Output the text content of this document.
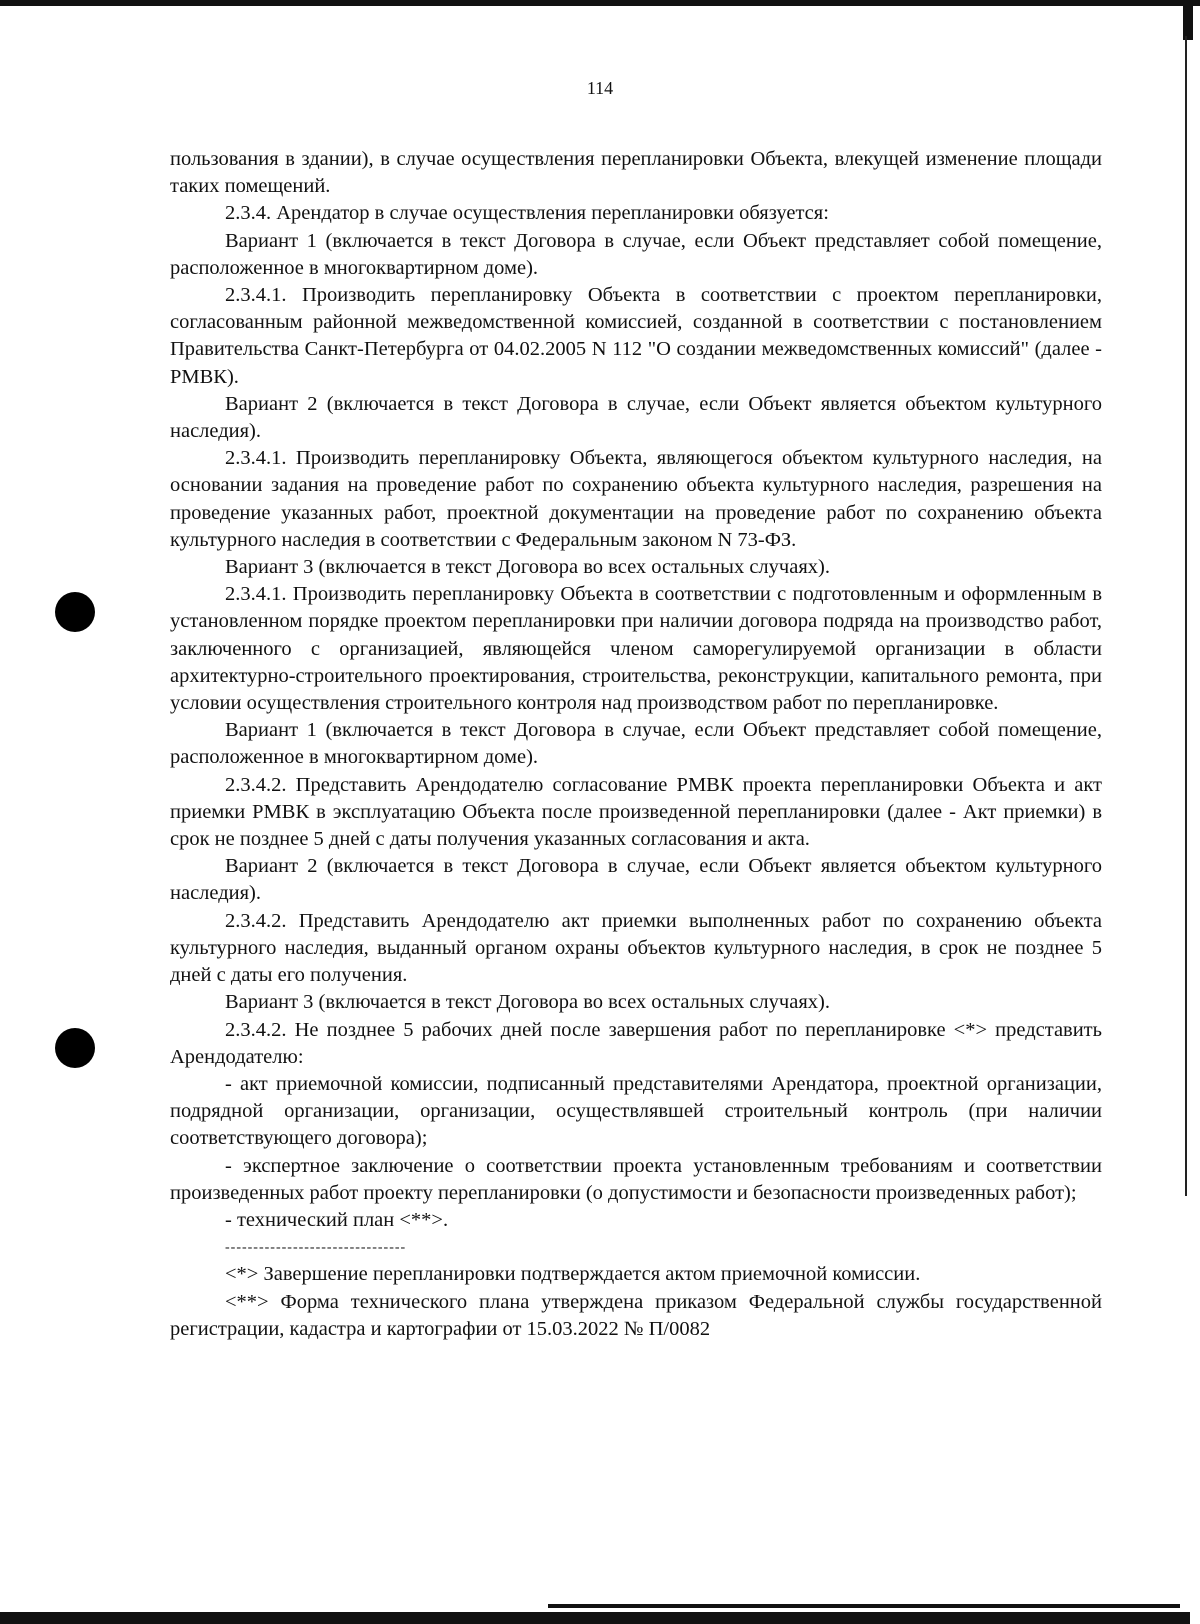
114

пользования в здании), в случае осуществления перепланировки Объекта, влекущей изменение площади таких помещений.

2.3.4. Арендатор в случае осуществления перепланировки обязуется:

Вариант 1 (включается в текст Договора в случае, если Объект представляет собой помещение, расположенное в многоквартирном доме).

2.3.4.1. Производить перепланировку Объекта в соответствии с проектом перепланировки, согласованным районной межведомственной комиссией, созданной в соответствии с постановлением Правительства Санкт-Петербурга от 04.02.2005 N 112 "О создании межведомственных комиссий" (далее - РМВК).

Вариант 2 (включается в текст Договора в случае, если Объект является объектом культурного наследия).

2.3.4.1. Производить перепланировку Объекта, являющегося объектом культурного наследия, на основании задания на проведение работ по сохранению объекта культурного наследия, разрешения на проведение указанных работ, проектной документации на проведение работ по сохранению объекта культурного наследия в соответствии с Федеральным законом N 73-ФЗ.

Вариант 3 (включается в текст Договора во всех остальных случаях).

2.3.4.1. Производить перепланировку Объекта в соответствии с подготовленным и оформленным в установленном порядке проектом перепланировки при наличии договора подряда на производство работ, заключенного с организацией, являющейся членом саморегулируемой организации в области архитектурно-строительного проектирования, строительства, реконструкции, капитального ремонта, при условии осуществления строительного контроля над производством работ по перепланировке.

Вариант 1 (включается в текст Договора в случае, если Объект представляет собой помещение, расположенное в многоквартирном доме).

2.3.4.2. Представить Арендодателю согласование РМВК проекта перепланировки Объекта и акт приемки РМВК в эксплуатацию Объекта после произведенной перепланировки (далее - Акт приемки) в срок не позднее 5 дней с даты получения указанных согласования и акта.

Вариант 2 (включается в текст Договора в случае, если Объект является объектом культурного наследия).

2.3.4.2. Представить Арендодателю акт приемки выполненных работ по сохранению объекта культурного наследия, выданный органом охраны объектов культурного наследия, в срок не позднее 5 дней с даты его получения.

Вариант 3 (включается в текст Договора во всех остальных случаях).

2.3.4.2. Не позднее 5 рабочих дней после завершения работ по перепланировке <*> представить Арендодателю:

- акт приемочной комиссии, подписанный представителями Арендатора, проектной организации, подрядной организации, организации, осуществлявшей строительный контроль (при наличии соответствующего договора);

- экспертное заключение о соответствии проекта установленным требованиям и соответствии произведенных работ проекту перепланировки (о допустимости и безопасности произведенных работ);

- технический план <**>.

--------------------------------

<*> Завершение перепланировки подтверждается актом приемочной комиссии.

<**> Форма технического плана утверждена приказом Федеральной службы государственной регистрации, кадастра и картографии от 15.03.2022 № П/0082
